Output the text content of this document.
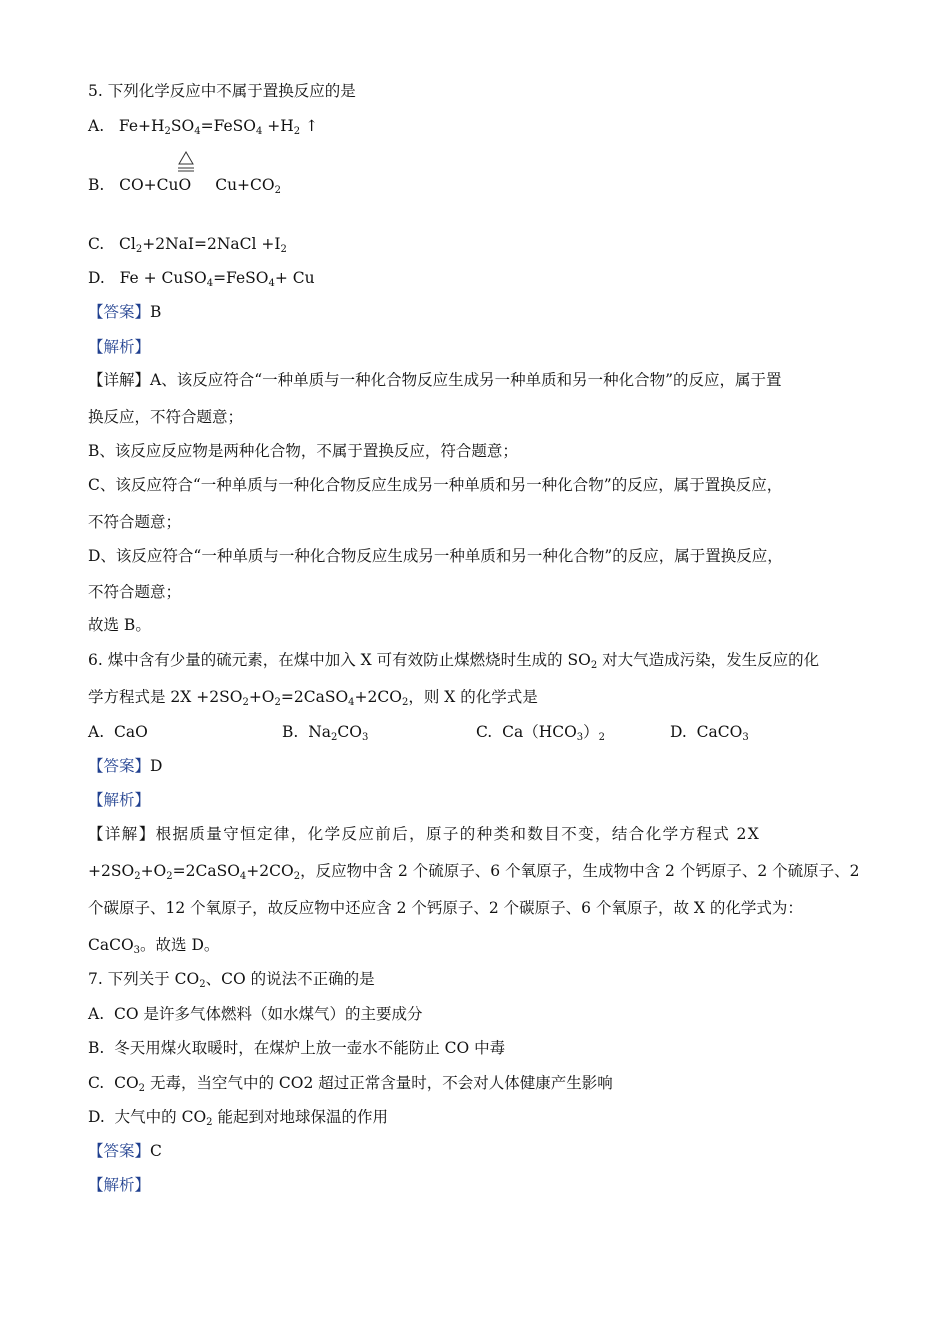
5. 下列化学反应中不属于置换反应的是
A. $Fe+H_2SO_4=FeSO_4 +H_2$ ↑
B. CO+CuO $Cu+CO_2$
C. $Cl_2+2NaI=2NaCl +I_2$
D. Fe + CuSO$_4$=FeSO$_4$+ Cu
【答案】B
【解析】
【详解】A、该反应符合“一种单质与一种化合物反应生成另一种单质和另一种化合物”的反应，属于置
换反应，不符合题意；
B、该反应反应物是两种化合物，不属于置换反应，符合题意；
C、该反应符合“一种单质与一种化合物反应生成另一种单质和另一种化合物”的反应，属于置换反应，
不符合题意；
D、该反应符合“一种单质与一种化合物反应生成另一种单质和另一种化合物”的反应，属于置换反应，
不符合题意；
故选 B。
6. 煤中含有少量的硫元素，在煤中加入 X 可有效防止煤燃烧时生成的 $SO_2$ 对大气造成污染，发生反应的化
学方程式是 $2X +2SO_2+O_2=2CaSO_4+2CO_2$，则 X 的化学式是
A. CaO	B. $Na_2CO_3$	C. $Ca(HCO_3)_2$	D. CaCO$_3$
【答案】D
【解析】
【详解】根据质量守恒定律，化学反应前后，原子的种类和数目不变，结合化学方程式 2X
$+2SO_2+O_2=2CaSO_4+2CO_2$，反应物中含 2 个硫原子、6 个氧原子，生成物中含 2 个钙原子、2 个硫原子、2
个碳原子、12 个氧原子，故反应物中还应含 2 个钙原子、2 个碳原子、6 个氧原子，故 X 的化学式为：
CaCO$_3$。故选 D。
7. 下列关于 $CO_2$、CO 的说法不正确的是
A. CO 是许多气体燃料（如水煤气）的主要成分
B. 冬天用煤火取暖时，在煤炉上放一壶水不能防止 CO 中毒
C. $CO_2$ 无毒，当空气中的 CO2 超过正常含量时，不会对人体健康产生影响
D. 大气中的 $CO_2$ 能起到对地球保温的作用
【答案】C
【解析】
